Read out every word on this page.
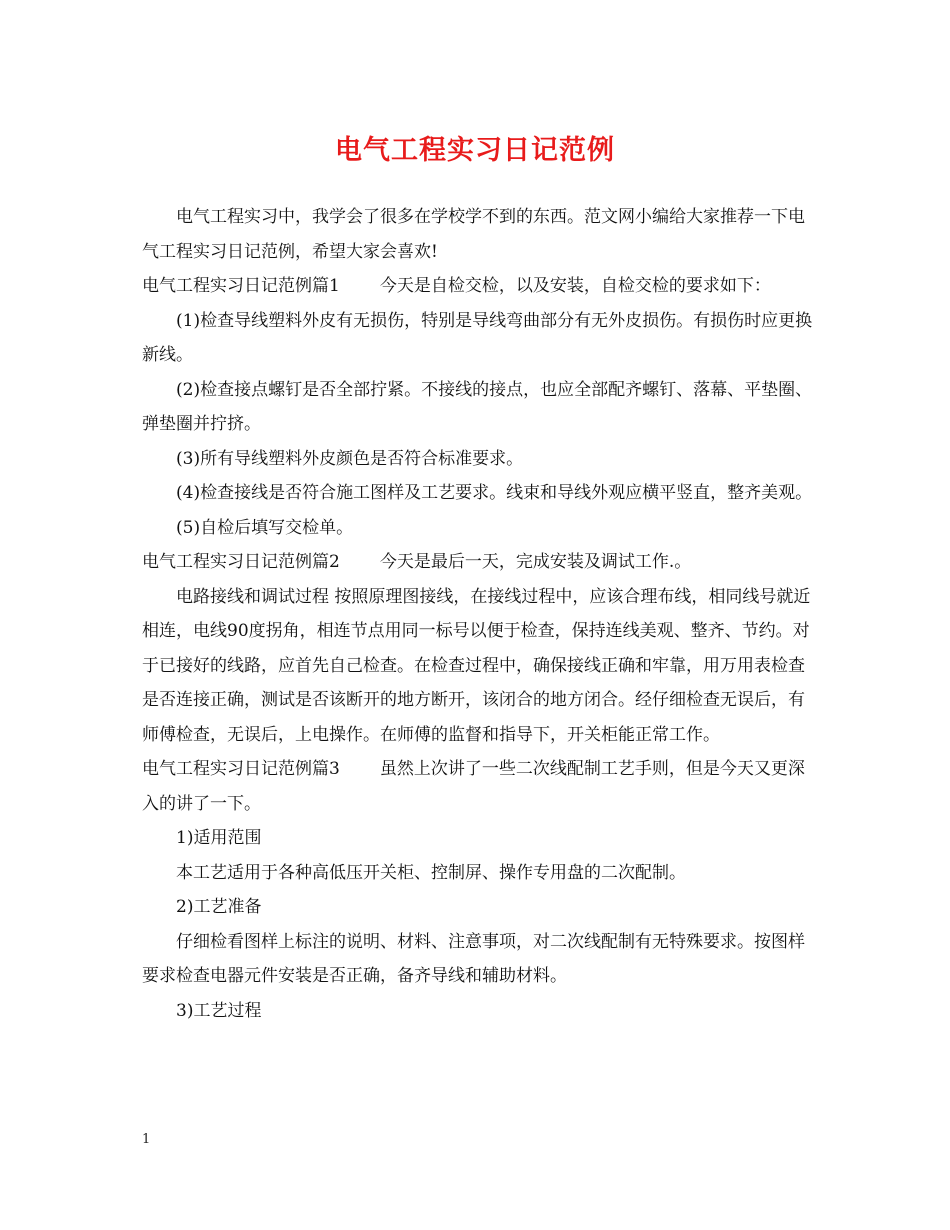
电气工程实习日记范例

电气工程实习中，我学会了很多在学校学不到的东西。范文网小编给大家推荐一下电气工程实习日记范例，希望大家会喜欢!

电气工程实习日记范例篇1 今天是自检交检，以及安装，自检交检的要求如下：

(1)检查导线塑料外皮有无损伤，特别是导线弯曲部分有无外皮损伤。有损伤时应更换新线。

(2)检查接点螺钉是否全部拧紧。不接线的接点，也应全部配齐螺钉、落幕、平垫圈、弹垫圈并拧挤。

(3)所有导线塑料外皮颜色是否符合标准要求。

(4)检查接线是否符合施工图样及工艺要求。线束和导线外观应横平竖直，整齐美观。

(5)自检后填写交检单。

电气工程实习日记范例篇2 今天是最后一天，完成安装及调试工作.。

电路接线和调试过程 按照原理图接线，在接线过程中，应该合理布线，相同线号就近相连，电线90度拐角，相连节点用同一标号以便于检查，保持连线美观、整齐、节约。对于已接好的线路，应首先自己检查。在检查过程中，确保接线正确和牢靠，用万用表检查是否连接正确，测试是否该断开的地方断开，该闭合的地方闭合。经仔细检查无误后，有师傅检查，无误后，上电操作。在师傅的监督和指导下，开关柜能正常工作。

电气工程实习日记范例篇3 虽然上次讲了一些二次线配制工艺手则，但是今天又更深入的讲了一下。

1)适用范围

本工艺适用于各种高低压开关柜、控制屏、操作专用盘的二次配制。

2)工艺准备

仔细检看图样上标注的说明、材料、注意事项，对二次线配制有无特殊要求。按图样要求检查电器元件安装是否正确，备齐导线和辅助材料。

3)工艺过程

1
